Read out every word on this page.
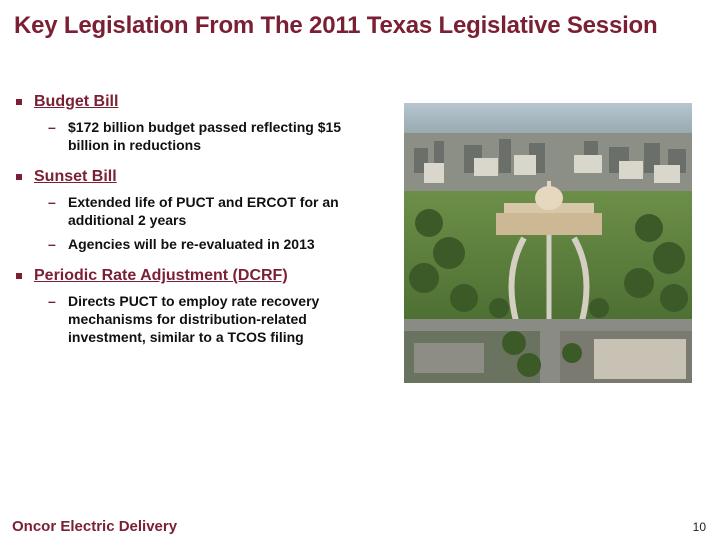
Key Legislation From The 2011 Texas Legislative Session
Budget Bill
– $172 billion budget passed reflecting $15 billion in reductions
Sunset Bill
– Extended life of PUCT and ERCOT for an additional 2 years
– Agencies will be re-evaluated in 2013
Periodic Rate Adjustment (DCRF)
– Directs PUCT to employ rate recovery mechanisms for distribution-related investment, similar to a TCOS filing
Oncor Electric Delivery	10
